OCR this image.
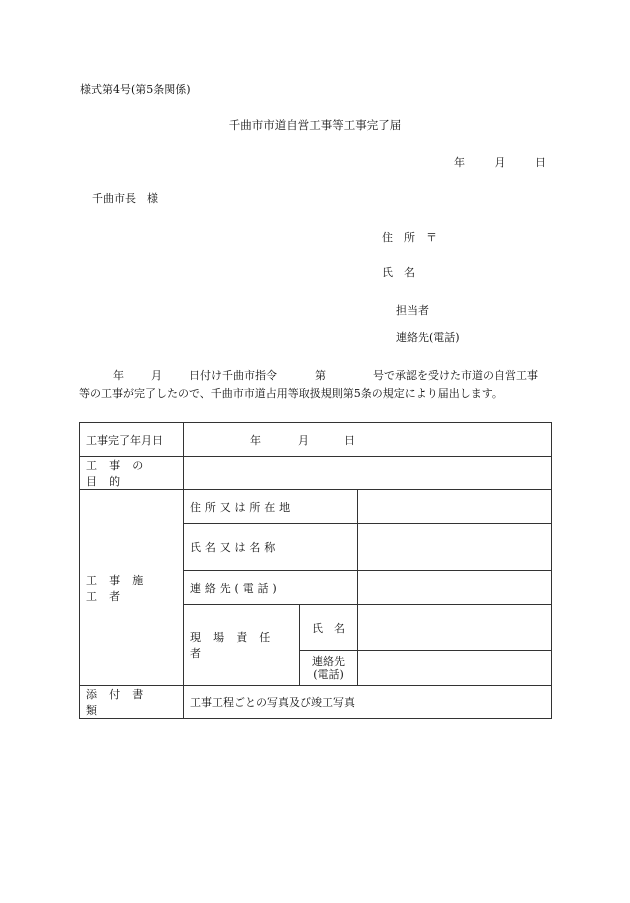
様式第4号(第5条関係)
千曲市市道自営工事等工事完了届
年	月	日
千曲市長　様
住　所　〒
氏　名
担当者
連絡先(電話)
年 月 日付け千曲市指令	第	号で承認を受けた市道の自営工事
等の工事が完了したので、千曲市市道占用等取扱規則第5条の規定により届出します。
工事完了年月日	年 月 日		
工事の目的			
工事施工者	住所又は所在地		
	氏名又は名称		
	連絡先(電話)		
	現場責任者	氏　名	

		連絡先
(電話)	

添付書類	工事工程ごとの写真及び竣工写真		
